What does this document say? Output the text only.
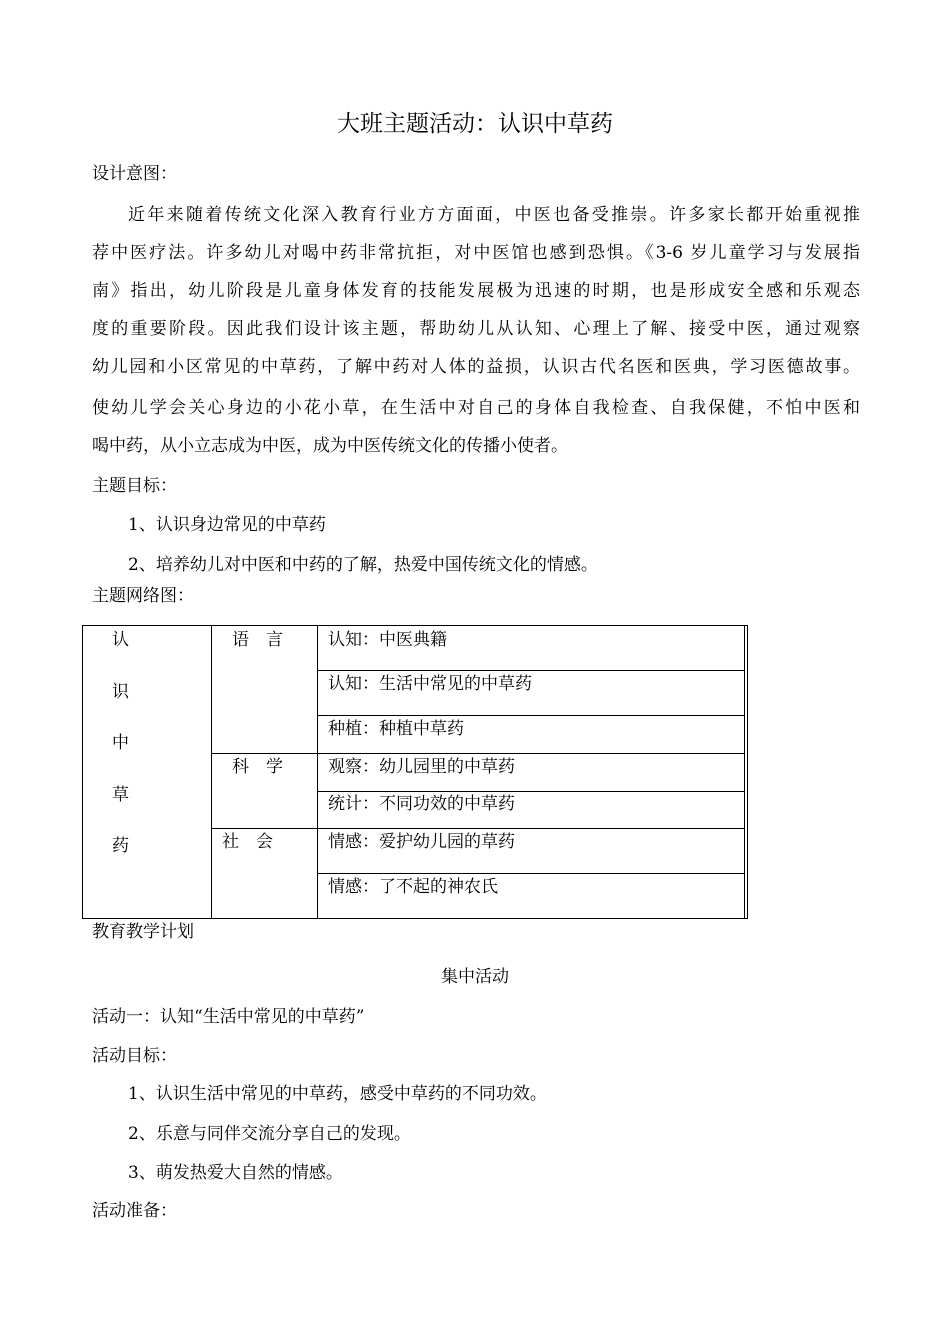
大班主题活动：认识中草药
设计意图：
近年来随着传统文化深入教育行业方方面面，中医也备受推崇。许多家长都开始重视推
荐中医疗法。许多幼儿对喝中药非常抗拒，对中医馆也感到恐惧。《3-6 岁儿童学习与发展指
南》指出，幼儿阶段是儿童身体发育的技能发展极为迅速的时期，也是形成安全感和乐观态
度的重要阶段。因此我们设计该主题，帮助幼儿从认知、心理上了解、接受中医，通过观察
幼儿园和小区常见的中草药，了解中药对人体的益损，认识古代名医和医典，学习医德故事。
使幼儿学会关心身边的小花小草，在生活中对自己的身体自我检查、自我保健，不怕中医和
喝中药，从小立志成为中医，成为中医传统文化的传播小使者。
主题目标：
1、认识身边常见的中草药
2、培养幼儿对中医和中药的了解，热爱中国传统文化的情感。
主题网络图：
认
识
中
草
药
语　言
科　学
社　会
认知：中医典籍
认知：生活中常见的中草药
种植：种植中草药
观察：幼儿园里的中草药
统计：不同功效的中草药
情感：爱护幼儿园的草药
情感：了不起的神农氏
教育教学计划
集中活动
活动一：认知“生活中常见的中草药”
活动目标：
1、认识生活中常见的中草药，感受中草药的不同功效。
2、乐意与同伴交流分享自己的发现。
3、萌发热爱大自然的情感。
活动准备：
